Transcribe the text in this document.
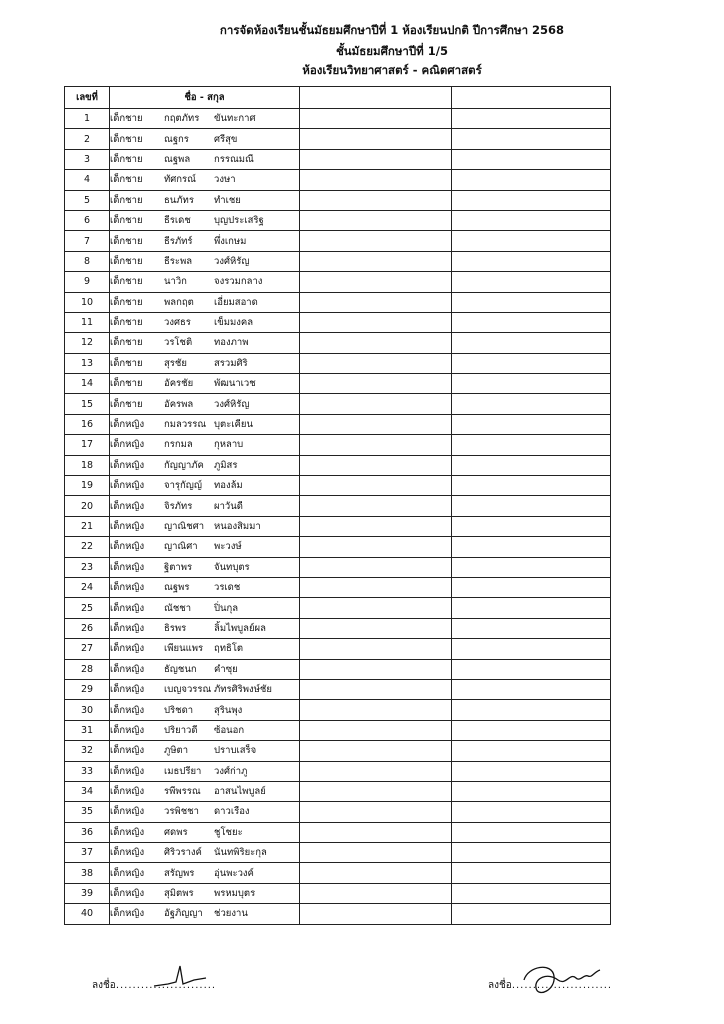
การจัดห้องเรียนชั้นมัธยมศึกษาปีที่ 1 ห้องเรียนปกติ ปีการศึกษา 2568
ชั้นมัธยมศึกษาปีที่ 1/5
ห้องเรียนวิทยาศาสตร์ - คณิตศาสตร์
เลขที่	ชื่อ - สกุล		
1	เด็กชาย กฤตภัทร ขันทะกาศ		
2	เด็กชาย ณฐกร ศรีสุข		
3	เด็กชาย ณฐพล กรรณมณี		
4	เด็กชาย ทัศกรณ์ วงษา		
5	เด็กชาย ธนภัทร ทำเชย		
6	เด็กชาย ธีรเดช บุญประเสริฐ		
7	เด็กชาย ธีรภัทร์ พึ่งเกษม		
8	เด็กชาย ธีระพล วงศ์หิรัญ		
9	เด็กชาย นาวิก จงรวมกลาง		
10	เด็กชาย พลกฤต เอี่ยมสอาด		
11	เด็กชาย วงศธร เข็มมงคล		
12	เด็กชาย วรโชติ ทองภาพ		
13	เด็กชาย สุรชัย สรวมศิริ		
14	เด็กชาย อัครชัย พัฒนาเวช		
15	เด็กชาย อัครพล วงศ์หิรัญ		
16	เด็กหญิง กมลวรรณ บุตะเคียน		
17	เด็กหญิง กรกมล กุหลาบ		
18	เด็กหญิง กัญญาภัค ภูมิสร		
19	เด็กหญิง จารุกัญญ์ ทองล้ม		
20	เด็กหญิง จิรภัทร ผาวันดี		
21	เด็กหญิง ญาณิชศา หนองสิมมา		
22	เด็กหญิง ญาณิศา พะวงษ์		
23	เด็กหญิง ฐิตาพร จันทบุตร		
24	เด็กหญิง ณฐพร วรเดช		
25	เด็กหญิง ณัชชา ปิ่นกุล		
26	เด็กหญิง ธิรพร ลิ้มไพบูลย์ผล		
27	เด็กหญิง เพียนแพร ฤทธิโต		
28	เด็กหญิง ธัญชนก คำซุย		
29	เด็กหญิง เบญจวรรณ ภัทรศิริพงษ์ชัย		
30	เด็กหญิง ปริชดา สุรินพุง		
31	เด็กหญิง ปริยาวดี ซ้อนอก		
32	เด็กหญิง ภูษิตา ปราบเสร็จ		
33	เด็กหญิง เมธปรียา วงศ์ก่าภู		
34	เด็กหญิง รพีพรรณ อาสนไพบูลย์		
35	เด็กหญิง วรพิชชา ดาวเรือง		
36	เด็กหญิง ศดพร ชูโชยะ		
37	เด็กหญิง ศิริวรางค์ นันทพิริยะกุล		
38	เด็กหญิง สรัญพร อุ่นพะวงค์		
39	เด็กหญิง สุมิตพร พรหมบุตร		
40	เด็กหญิง อัฐภิญญา ช่วยงาน		
ลงชื่อ........................	ลงชื่อ........................
